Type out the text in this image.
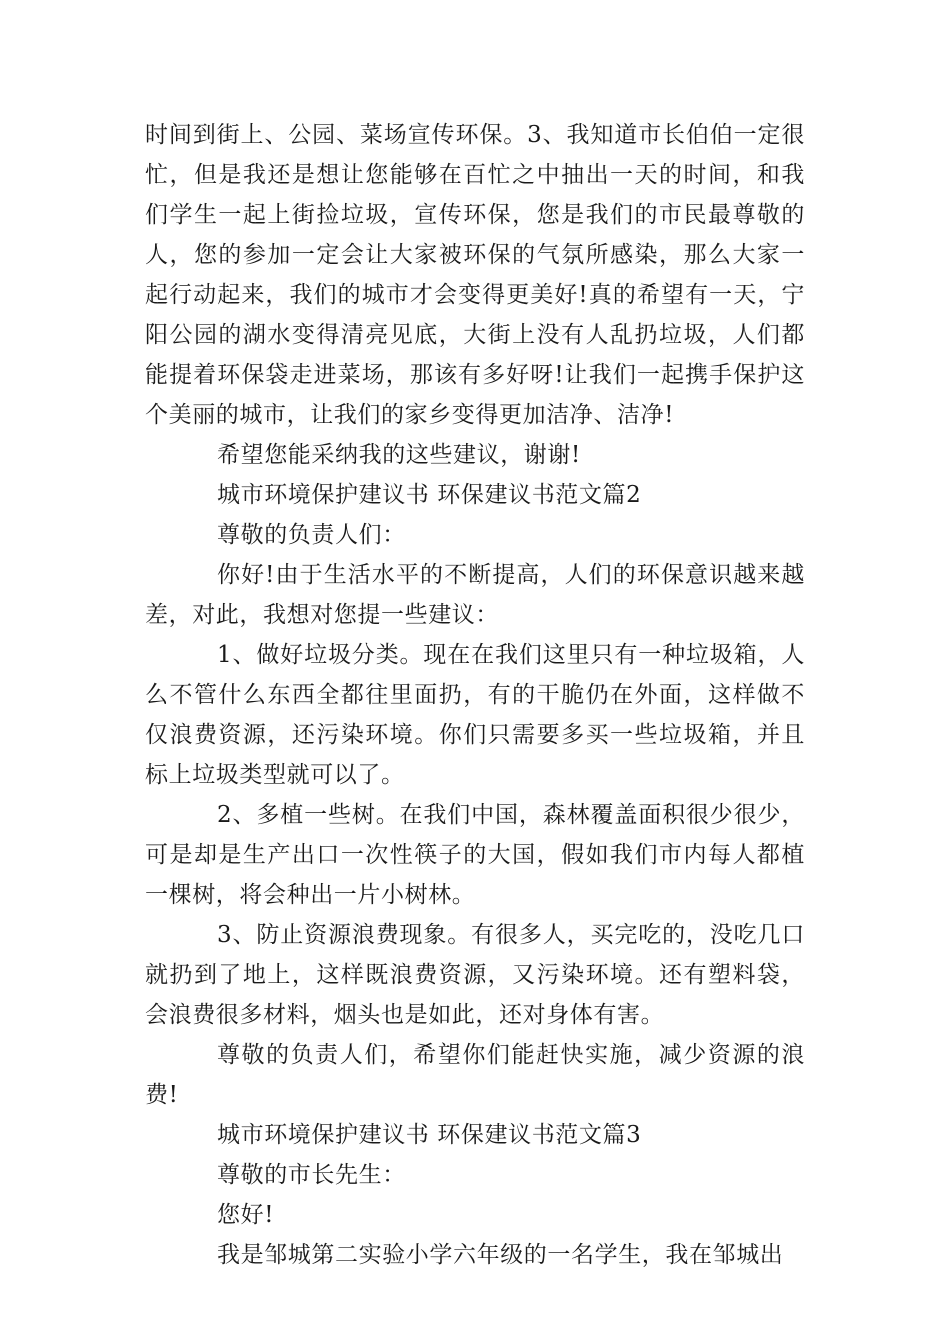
时间到街上、公园、菜场宣传环保。3、我知道市长伯伯一定很忙，但是我还是想让您能够在百忙之中抽出一天的时间，和我们学生一起上街捡垃圾，宣传环保，您是我们的市民最尊敬的人，您的参加一定会让大家被环保的气氛所感染，那么大家一起行动起来，我们的城市才会变得更美好!真的希望有一天，宁阳公园的湖水变得清亮见底，大街上没有人乱扔垃圾，人们都能提着环保袋走进菜场，那该有多好呀!让我们一起携手保护这个美丽的城市，让我们的家乡变得更加洁净、洁净!

希望您能采纳我的这些建议，谢谢!

城市环境保护建议书 环保建议书范文篇2

尊敬的负责人们：

你好!由于生活水平的不断提高，人们的环保意识越来越差，对此，我想对您提一些建议：

1、做好垃圾分类。现在在我们这里只有一种垃圾箱，人么不管什么东西全都往里面扔，有的干脆仍在外面，这样做不仅浪费资源，还污染环境。你们只需要多买一些垃圾箱，并且标上垃圾类型就可以了。

2、多植一些树。在我们中国，森林覆盖面积很少很少，可是却是生产出口一次性筷子的大国，假如我们市内每人都植一棵树，将会种出一片小树林。

3、防止资源浪费现象。有很多人，买完吃的，没吃几口就扔到了地上，这样既浪费资源，又污染环境。还有塑料袋，会浪费很多材料，烟头也是如此，还对身体有害。

尊敬的负责人们，希望你们能赶快实施，减少资源的浪费!

城市环境保护建议书 环保建议书范文篇3

尊敬的市长先生：

您好!

我是邹城第二实验小学六年级的一名学生，我在邹城出
